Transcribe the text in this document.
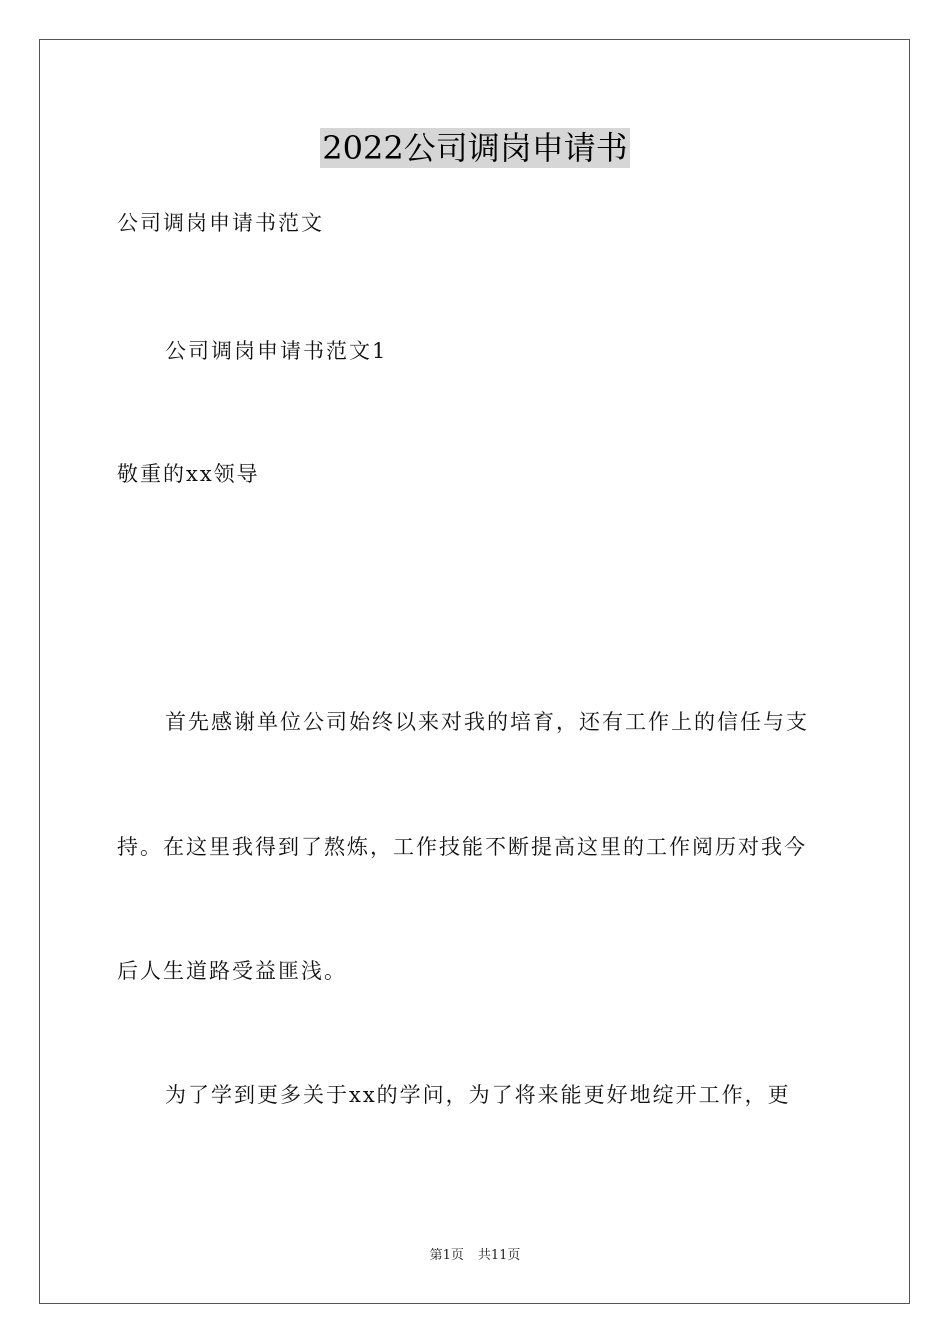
2022公司调岗申请书
公司调岗申请书范文
公司调岗申请书范文1
敬重的xx领导
首先感谢单位公司始终以来对我的培育，还有工作上的信任与支
持。在这里我得到了熬炼，工作技能不断提高这里的工作阅历对我今
后人生道路受益匪浅。
为了学到更多关于xx的学问，为了将来能更好地绽开工作，更
第1页 共11页
